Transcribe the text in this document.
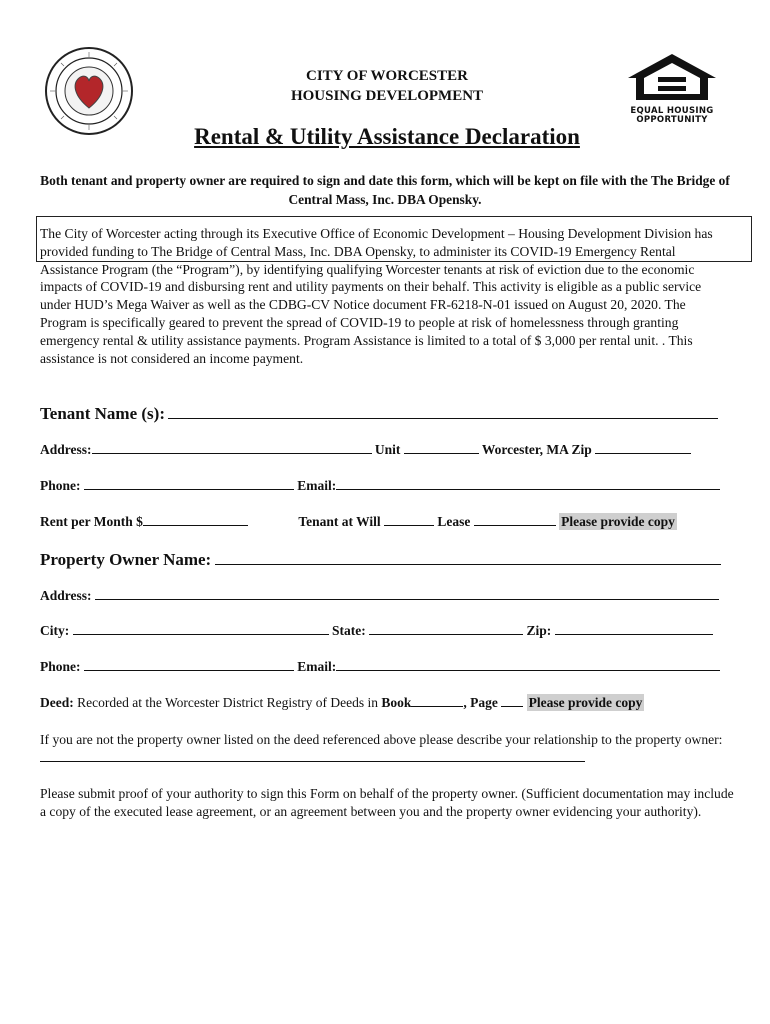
CITY OF WORCESTER
HOUSING DEVELOPMENT
EQUAL HOUSING
OPPORTUNITY
Rental & Utility Assistance Declaration
Both tenant and property owner are required to sign and date this form, which will be kept on file with the The Bridge of Central Mass, Inc. DBA Opensky.
The City of Worcester acting through its Executive Office of Economic Development – Housing Development Division has provided funding to The Bridge of Central Mass, Inc. DBA Opensky, to administer its COVID-19 Emergency Rental Assistance Program (the “Program”), by identifying qualifying Worcester tenants at risk of eviction due to the economic impacts of COVID-19 and disbursing rent and utility payments on their behalf. This activity is eligible as a public service under HUD’s Mega Waiver as well as the CDBG-CV Notice document FR-6218-N-01 issued on August 20, 2020. The Program is specifically geared to prevent the spread of COVID-19 to people at risk of homelessness through granting emergency rental & utility assistance payments. Program Assistance is limited to a total of $ 3,000 per rental unit. . This assistance is not considered an income payment.
Tenant Name (s):
Address:	Unit	Worcester, MA Zip
Phone:	Email:
Rent per Month $	Tenant at Will	Lease	Please provide copy
Property Owner Name:
Address:
City:	State:	Zip:
Phone:	Email:
Deed: Recorded at the Worcester District Registry of Deeds in Book	, Page Please provide copy
If you are not the property owner listed on the deed referenced above please describe your relationship to the property owner:
Please submit proof of your authority to sign this Form on behalf of the property owner. (Sufficient documentation may include a copy of the executed lease agreement, or an agreement between you and the property owner evidencing your authority).
